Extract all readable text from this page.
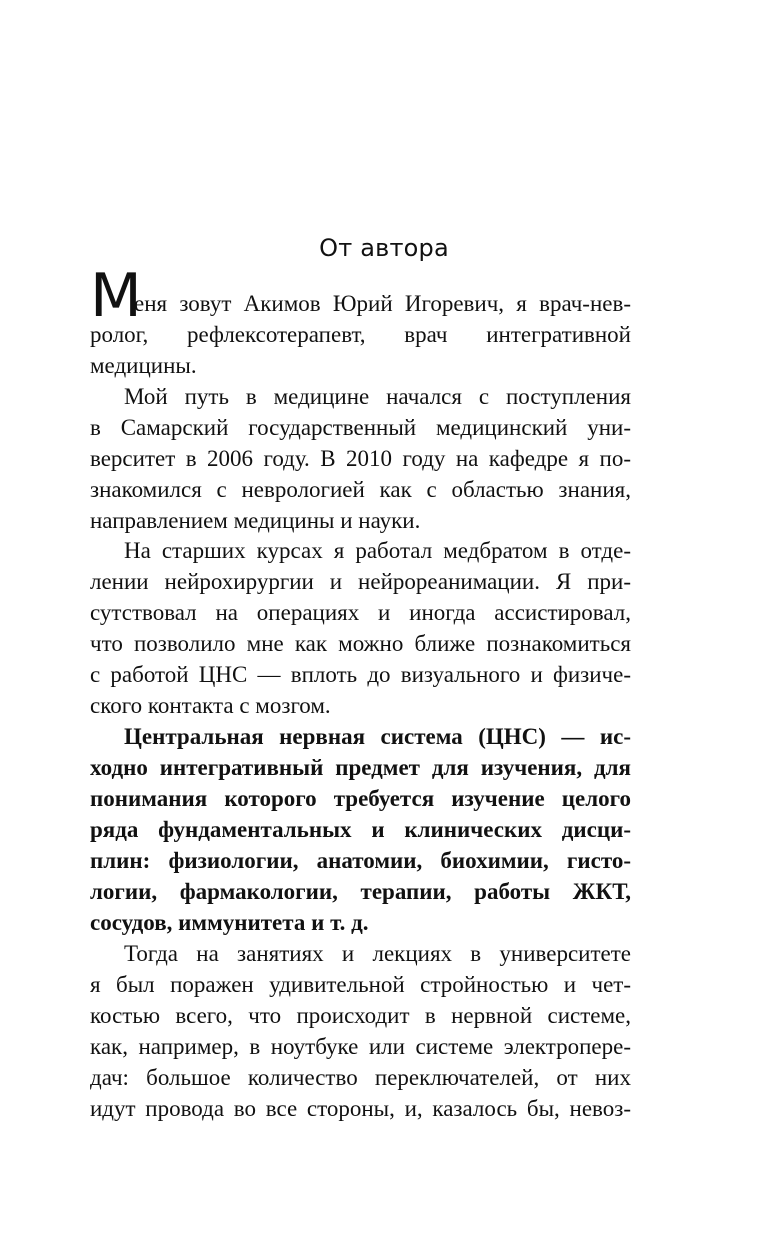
От автора
М
еня зовут Акимов Юрий Игоревич, я врач-нев-
ролог, рефлексотерапевт, врач интегративной
медицины.
Мой путь в медицине начался с поступления
в Самарский государственный медицинский уни-
верситет в 2006 году. В 2010 году на кафедре я по-
знакомился с неврологией как с областью знания,
направлением медицины и науки.
На старших курсах я работал медбратом в отде-
лении нейрохирургии и нейрореанимации. Я при-
сутствовал на операциях и иногда ассистировал,
что позволило мне как можно ближе познакомиться
с работой ЦНС — вплоть до визуального и физиче-
ского контакта с мозгом.
Центральная нервная система (ЦНС) — ис-
ходно интегративный предмет для изучения, для
понимания которого требуется изучение целого
ряда фундаментальных и клинических дисци-
плин: физиологии, анатомии, биохимии, гисто-
логии, фармакологии, терапии, работы ЖКТ,
сосудов, иммунитета и т. д.
Тогда на занятиях и лекциях в университете
я был поражен удивительной стройностью и чет-
костью всего, что происходит в нервной системе,
как, например, в ноутбуке или системе электропере-
дач: большое количество переключателей, от них
идут провода во все стороны, и, казалось бы, невоз-
